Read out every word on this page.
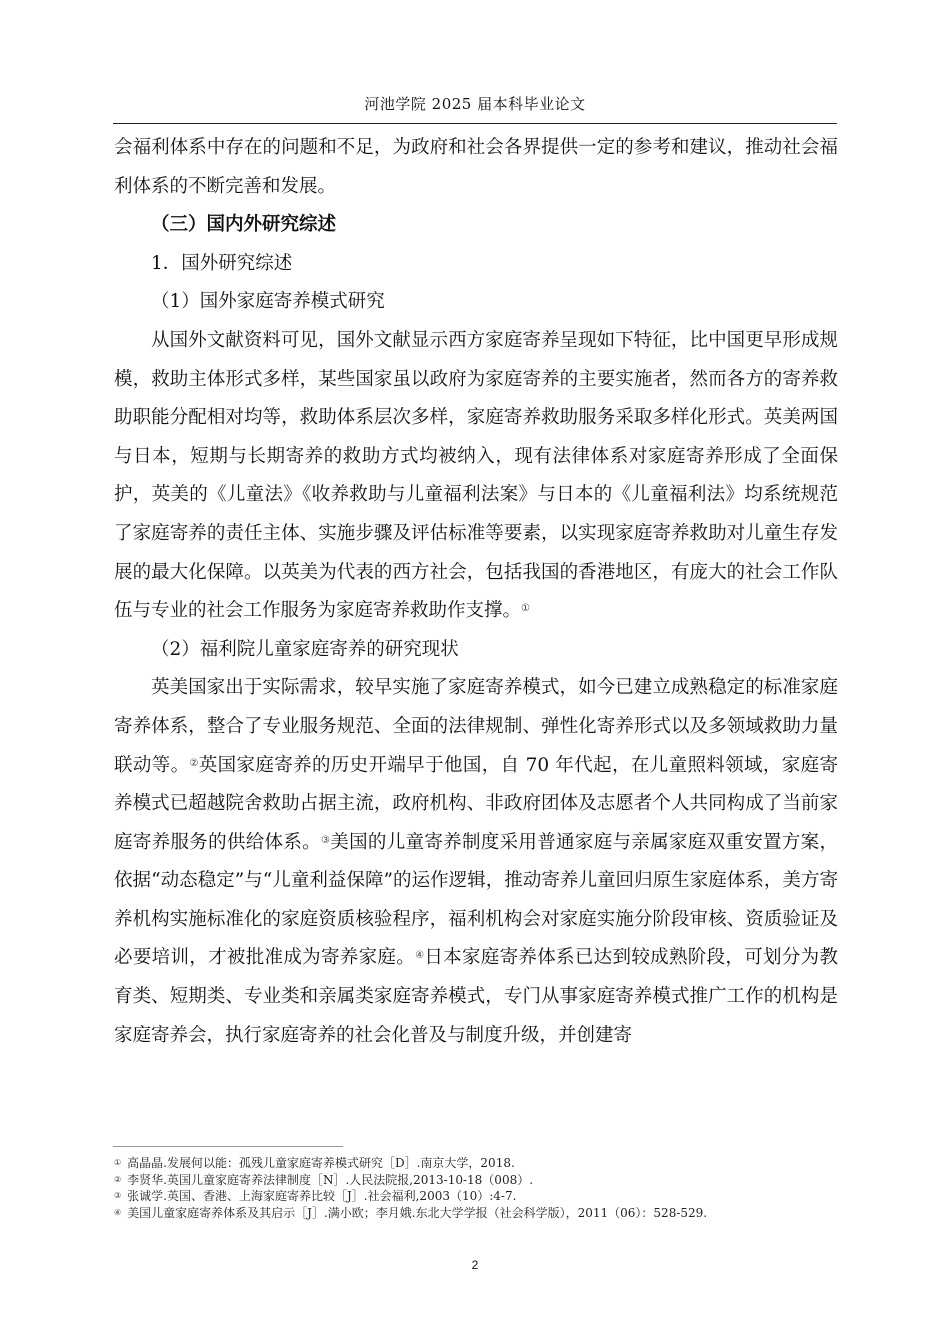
河池学院 2025 届本科毕业论文

会福利体系中存在的问题和不足，为政府和社会各界提供一定的参考和建议，推动社会福利体系的不断完善和发展。

（三）国内外研究综述

1．国外研究综述

（1）国外家庭寄养模式研究

从国外文献资料可见，国外文献显示西方家庭寄养呈现如下特征，比中国更早形成规模，救助主体形式多样，某些国家虽以政府为家庭寄养的主要实施者，然而各方的寄养救助职能分配相对均等，救助体系层次多样，家庭寄养救助服务采取多样化形式。英美两国与日本，短期与长期寄养的救助方式均被纳入，现有法律体系对家庭寄养形成了全面保护，英美的《儿童法》《收养救助与儿童福利法案》与日本的《儿童福利法》均系统规范了家庭寄养的责任主体、实施步骤及评估标准等要素，以实现家庭寄养救助对儿童生存发展的最大化保障。以英美为代表的西方社会，包括我国的香港地区，有庞大的社会工作队伍与专业的社会工作服务为家庭寄养救助作支撑。①

（2）福利院儿童家庭寄养的研究现状

英美国家出于实际需求，较早实施了家庭寄养模式，如今已建立成熟稳定的标准家庭寄养体系，整合了专业服务规范、全面的法律规制、弹性化寄养形式以及多领域救助力量联动等。②英国家庭寄养的历史开端早于他国，自 70 年代起，在儿童照料领域，家庭寄养模式已超越院舍救助占据主流，政府机构、非政府团体及志愿者个人共同构成了当前家庭寄养服务的供给体系。③美国的儿童寄养制度采用普通家庭与亲属家庭双重安置方案，依据“动态稳定”与“儿童利益保障”的运作逻辑，推动寄养儿童回归原生家庭体系，美方寄养机构实施标准化的家庭资质核验程序，福利机构会对家庭实施分阶段审核、资质验证及必要培训，才被批准成为寄养家庭。④日本家庭寄养体系已达到较成熟阶段，可划分为教育类、短期类、专业类和亲属类家庭寄养模式，专门从事家庭寄养模式推广工作的机构是家庭寄养会，执行家庭寄养的社会化普及与制度升级，并创建寄

① 高晶晶.发展何以能：孤残儿童家庭寄养模式研究［D］.南京大学，2018.
② 李贤华.英国儿童家庭寄养法律制度［N］.人民法院报,2013-10-18（008）.
③ 张诚学.英国、香港、上海家庭寄养比较［J］.社会福利,2003（10）:4-7.
④ 美国儿童家庭寄养体系及其启示［J］.满小欧；李月娥.东北大学学报（社会科学版），2011（06）：528-529.
2
